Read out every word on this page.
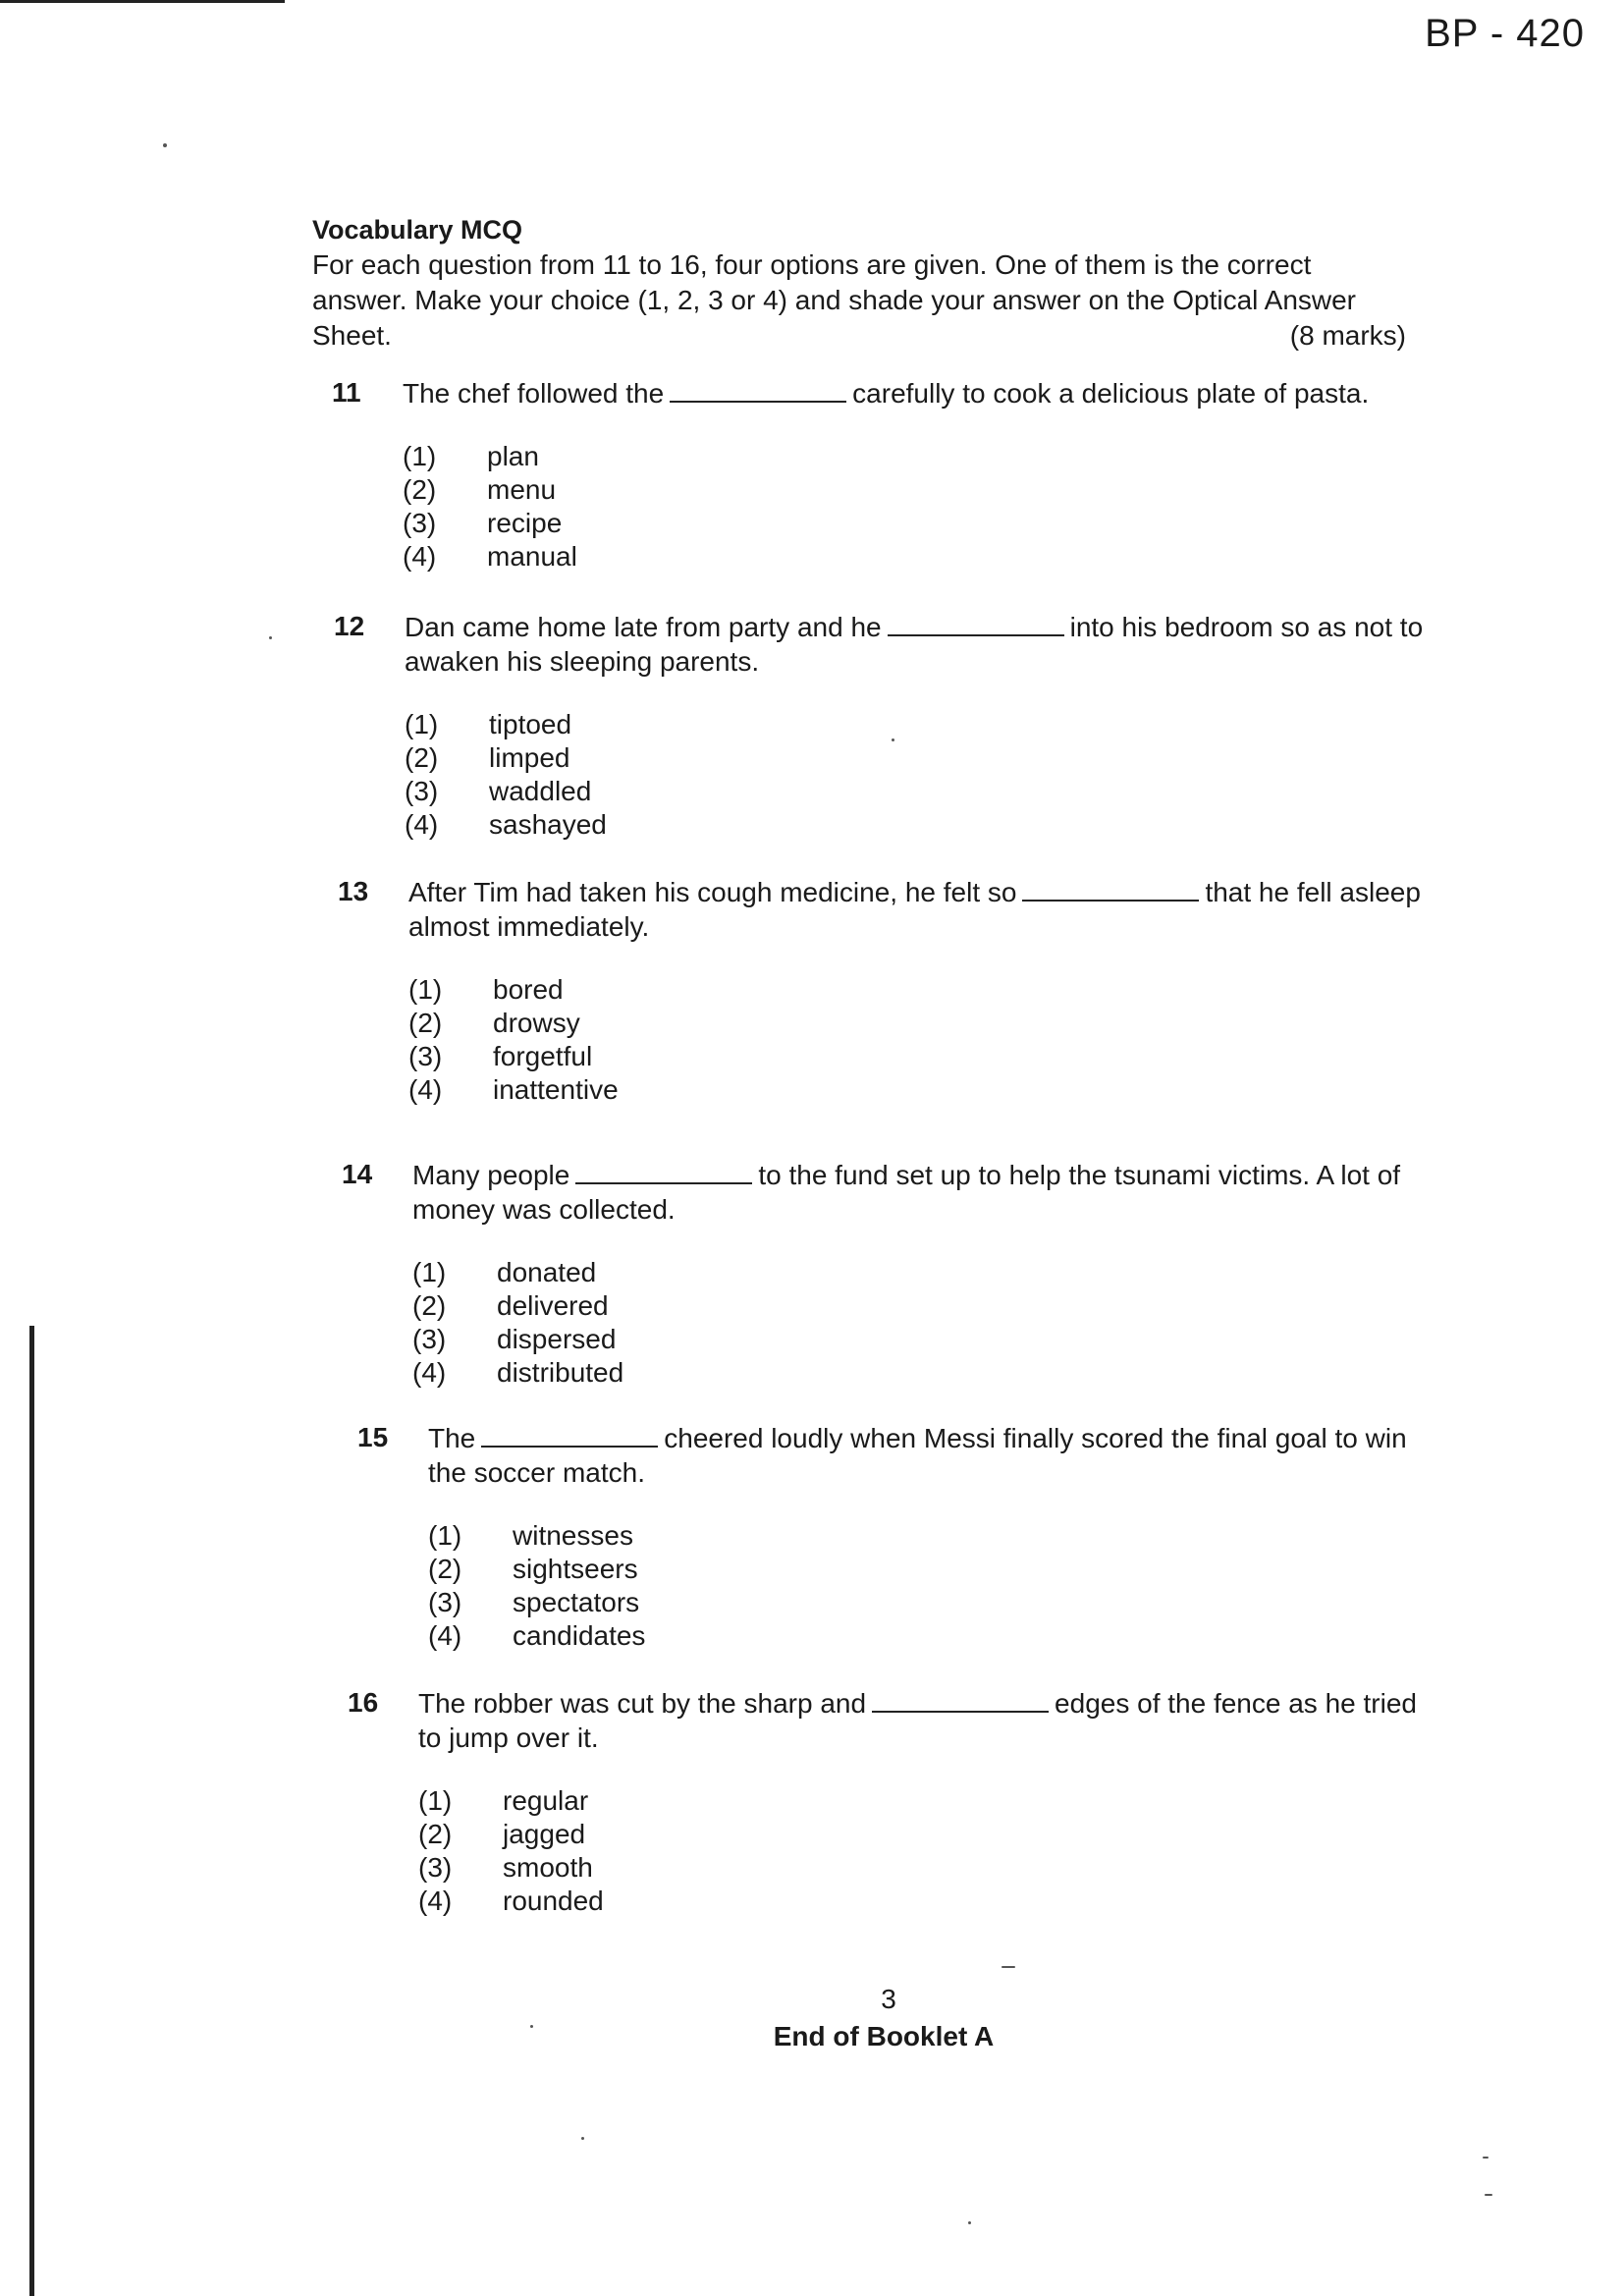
BP - 420
Vocabulary MCQ
For each question from 11 to 16, four options are given. One of them is the correct answer. Make your choice (1, 2, 3 or 4) and shade your answer on the Optical Answer
Sheet.	(8 marks)
11 The chef followed the	carefully to cook a delicious plate of pasta.
(1)	plan
(2)	menu
(3)	recipe
(4)	manual
12 Dan came home late from party and he	into his bedroom so as not to awaken his sleeping parents.
(1)	tiptoed
(2)	limped
(3)	waddled
(4)	sashayed
13 After Tim had taken his cough medicine, he felt so	that he fell asleep almost immediately.
(1)	bored
(2)	drowsy
(3)	forgetful
(4)	inattentive
14 Many people	to the fund set up to help the tsunami victims. A lot of money was collected.
(1)	donated
(2)	delivered
(3)	dispersed
(4)	distributed
15 The	cheered loudly when Messi finally scored the final goal to win the soccer match.
(1)	witnesses
(2)	sightseers
(3)	spectators
(4)	candidates
16 The robber was cut by the sharp and	edges of the fence as he tried to jump over it.
(1)	regular
(2)	jagged
(3)	smooth
(4)	rounded
3
End of Booklet A
